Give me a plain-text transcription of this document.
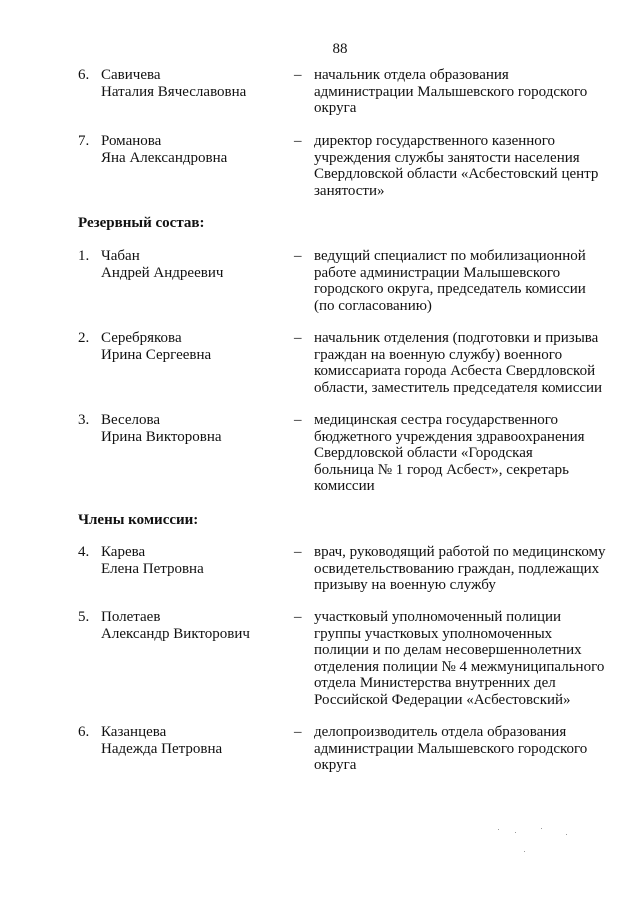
88
6. Савичева
Наталия Вячеславовна
– начальник отдела образования
администрации Малышевского городского
округа
7. Романова
Яна Александровна
– директор государственного казенного
учреждения службы занятости населения
Свердловской области «Асбестовский центр
занятости»
Резервный состав:
1. Чабан
Андрей Андреевич
– ведущий специалист по мобилизационной
работе администрации Малышевского
городского округа, председатель комиссии
(по согласованию)
2. Серебрякова
Ирина Сергеевна
– начальник отделения (подготовки и призыва
граждан на военную службу) военного
комиссариата города Асбеста Свердловской
области, заместитель председателя комиссии
3. Веселова
Ирина Викторовна
– медицинская сестра государственного
бюджетного учреждения здравоохранения
Свердловской области «Городская
больница № 1 город Асбест», секретарь
комиссии
Члены комиссии:
4. Карева
Елена Петровна
– врач, руководящий работой по медицинскому
освидетельствованию граждан, подлежащих
призыву на военную службу
5. Полетаев
Александр Викторович
– участковый уполномоченный полиции
группы участковых уполномоченных
полиции и по делам несовершеннолетних
отделения полиции № 4 межмуниципального
отдела Министерства внутренних дел
Российской Федерации «Асбестовский»
6. Казанцева
Надежда Петровна
– делопроизводитель отдела образования
администрации Малышевского городского
округа
